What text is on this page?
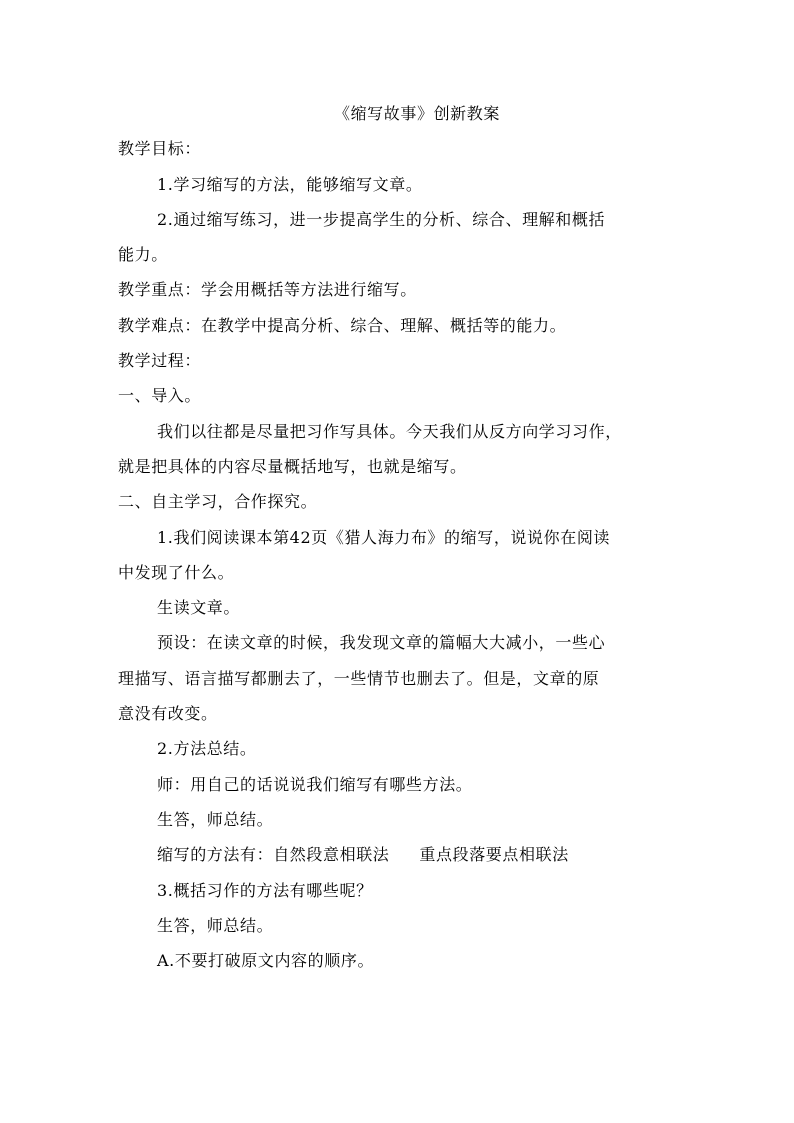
《缩写故事》创新教案
教学目标：
1.学习缩写的方法，能够缩写文章。
2.通过缩写练习，进一步提高学生的分析、综合、理解和概括
能力。
教学重点：学会用概括等方法进行缩写。
教学难点：在教学中提高分析、综合、理解、概括等的能力。
教学过程：
一、导入。
我们以往都是尽量把习作写具体。今天我们从反方向学习习作，
就是把具体的内容尽量概括地写，也就是缩写。
二、自主学习，合作探究。
1.我们阅读课本第42页《猎人海力布》的缩写，说说你在阅读
中发现了什么。
生读文章。
预设：在读文章的时候，我发现文章的篇幅大大减小，一些心
理描写、语言描写都删去了，一些情节也删去了。但是，文章的原
意没有改变。
2.方法总结。
师：用自己的话说说我们缩写有哪些方法。
生答，师总结。
缩写的方法有：自然段意相联法 重点段落要点相联法
3.概括习作的方法有哪些呢？
生答，师总结。
A.不要打破原文内容的顺序。
